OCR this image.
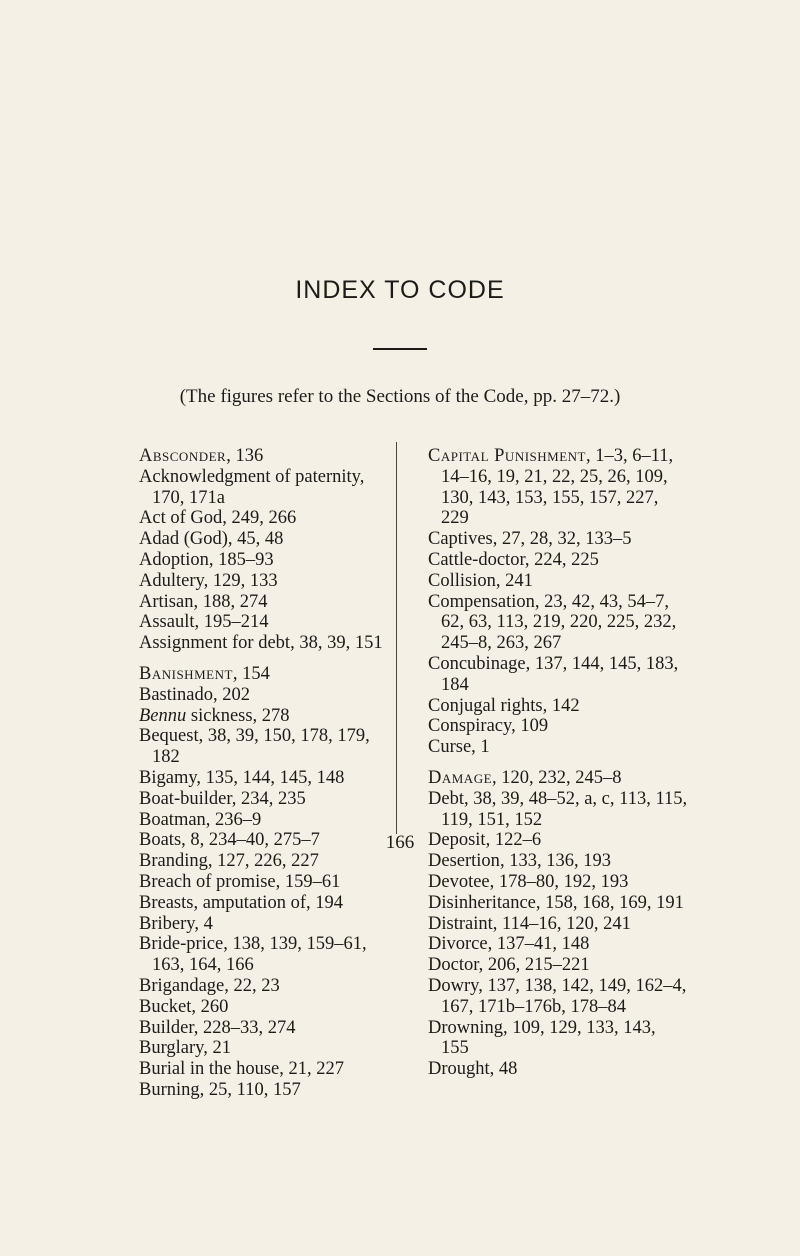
INDEX TO CODE
(The figures refer to the Sections of the Code, pp. 27–72.)
Absconder, 136
Acknowledgment of paternity, 170, 171a
Act of God, 249, 266
Adad (God), 45, 48
Adoption, 185–93
Adultery, 129, 133
Artisan, 188, 274
Assault, 195–214
Assignment for debt, 38, 39, 151
Banishment, 154
Bastinado, 202
Bennu sickness, 278
Bequest, 38, 39, 150, 178, 179, 182
Bigamy, 135, 144, 145, 148
Boat-builder, 234, 235
Boatman, 236–9
Boats, 8, 234–40, 275–7
Branding, 127, 226, 227
Breach of promise, 159–61
Breasts, amputation of, 194
Bribery, 4
Bride-price, 138, 139, 159–61, 163, 164, 166
Brigandage, 22, 23
Bucket, 260
Builder, 228–33, 274
Burglary, 21
Burial in the house, 21, 227
Burning, 25, 110, 157
Capital Punishment, 1–3, 6–11, 14–16, 19, 21, 22, 25, 26, 109, 130, 143, 153, 155, 157, 227, 229
Captives, 27, 28, 32, 133–5
Cattle-doctor, 224, 225
Collision, 241
Compensation, 23, 42, 43, 54–7, 62, 63, 113, 219, 220, 225, 232, 245–8, 263, 267
Concubinage, 137, 144, 145, 183, 184
Conjugal rights, 142
Conspiracy, 109
Curse, 1
Damage, 120, 232, 245–8
Debt, 38, 39, 48–52, a, c, 113, 115, 119, 151, 152
Deposit, 122–6
Desertion, 133, 136, 193
Devotee, 178–80, 192, 193
Disinheritance, 158, 168, 169, 191
Distraint, 114–16, 120, 241
Divorce, 137–41, 148
Doctor, 206, 215–221
Dowry, 137, 138, 142, 149, 162–4, 167, 171b–176b, 178–84
Drowning, 109, 129, 133, 143, 155
Drought, 48
166
